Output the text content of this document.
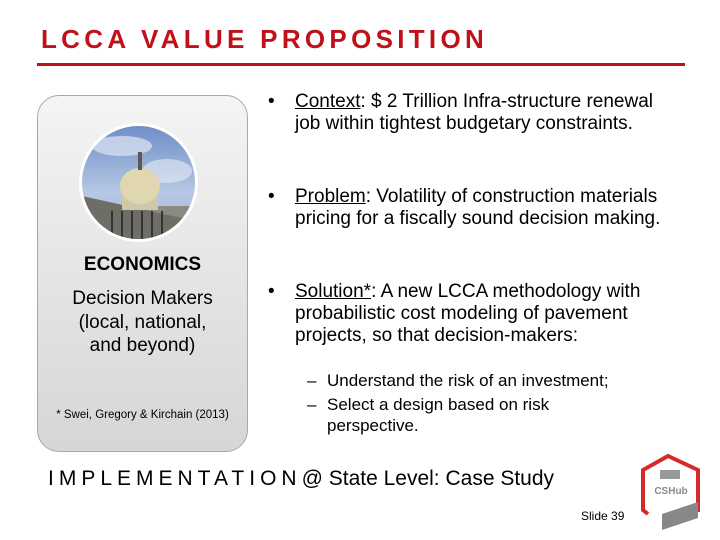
LCCA VALUE PROPOSITION
ECONOMICS
Decision Makers
(local, national,
and beyond)
* Swei, Gregory & Kirchain (2013)
• Context: $ 2 Trillion Infra-structure renewal job within tightest budgetary constraints.
• Problem: Volatility of construction materials pricing for a fiscally sound decision making.
• Solution*: A new LCCA methodology with probabilistic cost modeling of pavement projects, so that decision-makers:
– Understand the risk of an investment;
– Select a design based on risk perspective.
IMPLEMENTATION@ State Level: Case Study
Slide 39
CSHub
